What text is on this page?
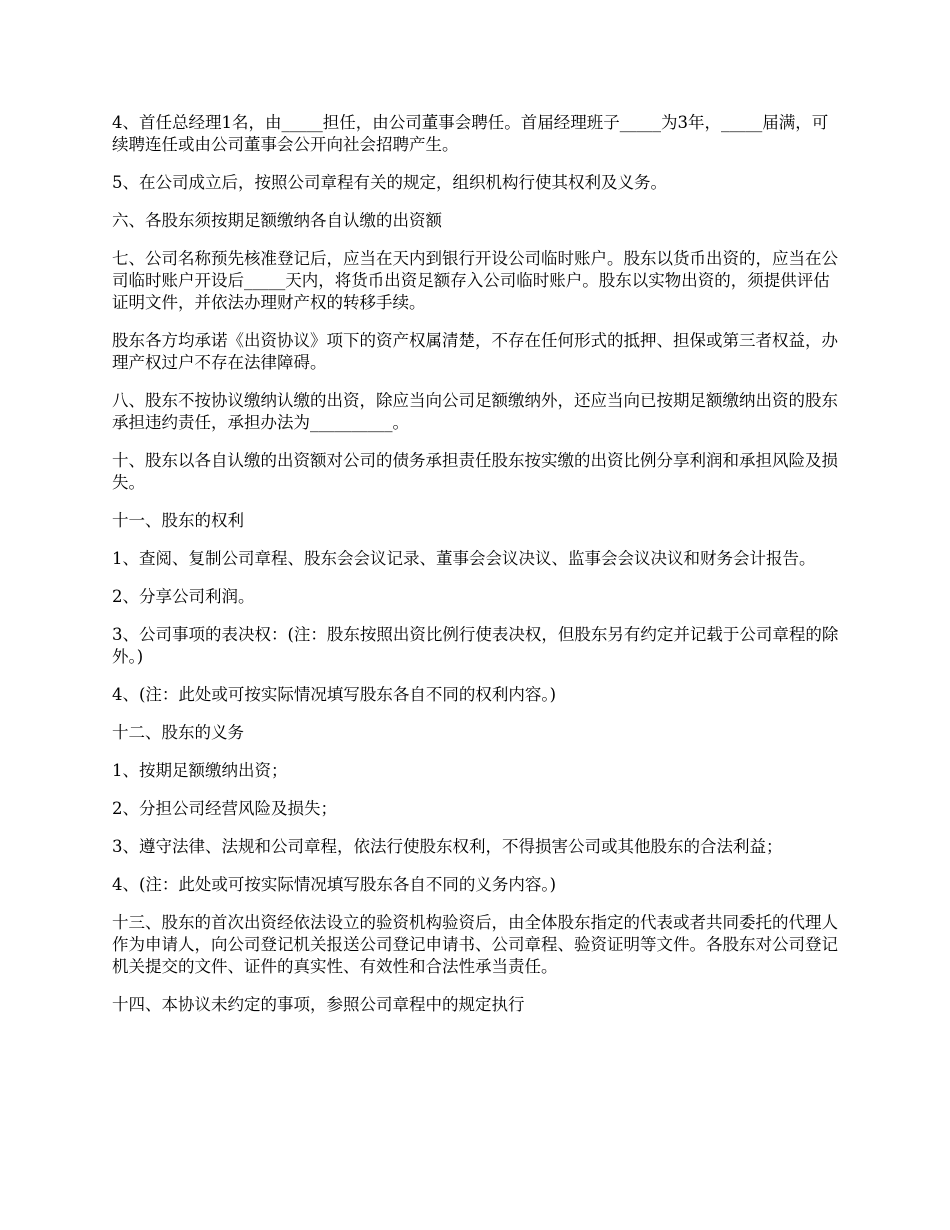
4、首任总经理1名，由_____担任，由公司董事会聘任。首届经理班子_____为3年，_____届满，可续聘连任或由公司董事会公开向社会招聘产生。

5、在公司成立后，按照公司章程有关的规定，组织机构行使其权利及义务。

六、各股东须按期足额缴纳各自认缴的出资额

七、公司名称预先核准登记后，应当在天内到银行开设公司临时账户。股东以货币出资的，应当在公司临时账户开设后_____天内，将货币出资足额存入公司临时账户。股东以实物出资的，须提供评估证明文件，并依法办理财产权的转移手续。

股东各方均承诺《出资协议》项下的资产权属清楚，不存在任何形式的抵押、担保或第三者权益，办理产权过户不存在法律障碍。

八、股东不按协议缴纳认缴的出资，除应当向公司足额缴纳外，还应当向已按期足额缴纳出资的股东承担违约责任，承担办法为__________。

十、股东以各自认缴的出资额对公司的债务承担责任股东按实缴的出资比例分享利润和承担风险及损失。

十一、股东的权利

1、查阅、复制公司章程、股东会会议记录、董事会会议决议、监事会会议决议和财务会计报告。

2、分享公司利润。

3、公司事项的表决权：(注：股东按照出资比例行使表决权，但股东另有约定并记载于公司章程的除外。)

4、(注：此处或可按实际情况填写股东各自不同的权利内容。)

十二、股东的义务

1、按期足额缴纳出资；

2、分担公司经营风险及损失；

3、遵守法律、法规和公司章程，依法行使股东权利，不得损害公司或其他股东的合法利益；

4、(注：此处或可按实际情况填写股东各自不同的义务内容。)

十三、股东的首次出资经依法设立的验资机构验资后，由全体股东指定的代表或者共同委托的代理人作为申请人，向公司登记机关报送公司登记申请书、公司章程、验资证明等文件。各股东对公司登记机关提交的文件、证件的真实性、有效性和合法性承当责任。

十四、本协议未约定的事项，参照公司章程中的规定执行
